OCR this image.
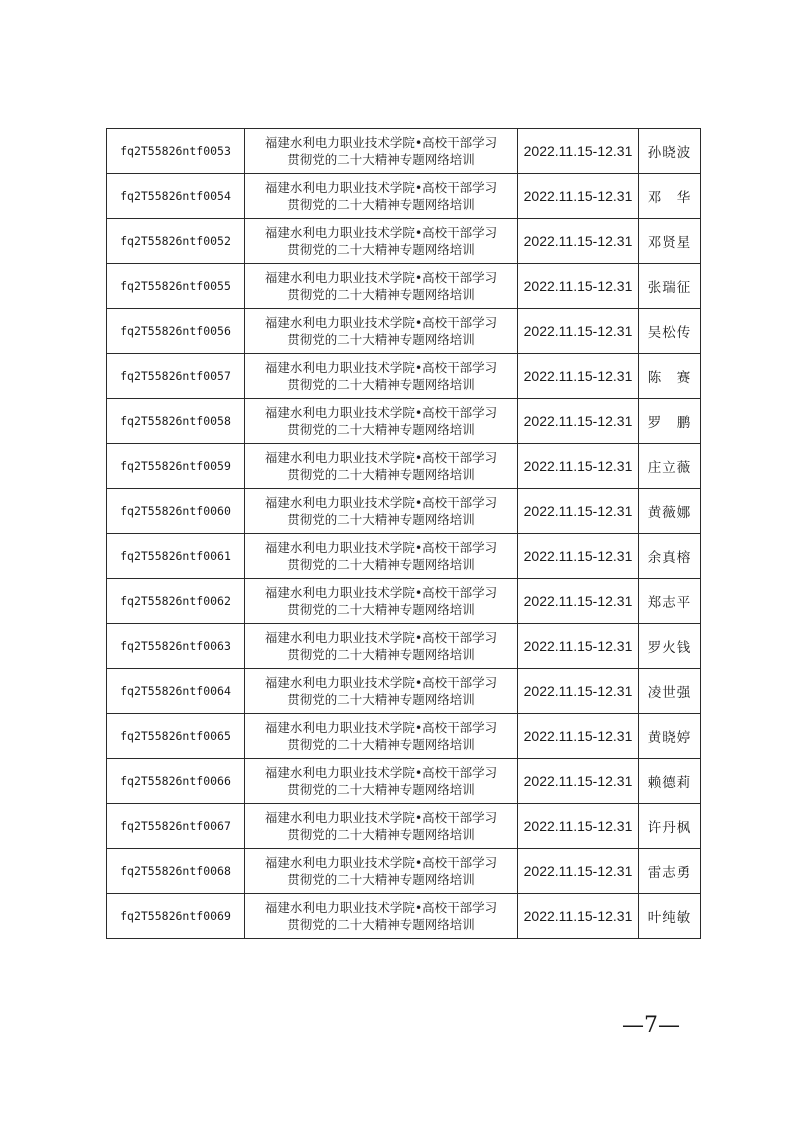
fq2T55826ntf0053	福建水利电力职业技术学院•高校干部学习
贯彻党的二十大精神专题网络培训	2022.11.15-12.31	孙晓波
fq2T55826ntf0054	福建水利电力职业技术学院•高校干部学习
贯彻党的二十大精神专题网络培训	2022.11.15-12.31	邓　华
fq2T55826ntf0052	福建水利电力职业技术学院•高校干部学习
贯彻党的二十大精神专题网络培训	2022.11.15-12.31	邓贤星
fq2T55826ntf0055	福建水利电力职业技术学院•高校干部学习
贯彻党的二十大精神专题网络培训	2022.11.15-12.31	张瑞征
fq2T55826ntf0056	福建水利电力职业技术学院•高校干部学习
贯彻党的二十大精神专题网络培训	2022.11.15-12.31	吴松传
fq2T55826ntf0057	福建水利电力职业技术学院•高校干部学习
贯彻党的二十大精神专题网络培训	2022.11.15-12.31	陈　赛
fq2T55826ntf0058	福建水利电力职业技术学院•高校干部学习
贯彻党的二十大精神专题网络培训	2022.11.15-12.31	罗　鹏
fq2T55826ntf0059	福建水利电力职业技术学院•高校干部学习
贯彻党的二十大精神专题网络培训	2022.11.15-12.31	庄立薇
fq2T55826ntf0060	福建水利电力职业技术学院•高校干部学习
贯彻党的二十大精神专题网络培训	2022.11.15-12.31	黄薇娜
fq2T55826ntf0061	福建水利电力职业技术学院•高校干部学习
贯彻党的二十大精神专题网络培训	2022.11.15-12.31	余真榕
fq2T55826ntf0062	福建水利电力职业技术学院•高校干部学习
贯彻党的二十大精神专题网络培训	2022.11.15-12.31	郑志平
fq2T55826ntf0063	福建水利电力职业技术学院•高校干部学习
贯彻党的二十大精神专题网络培训	2022.11.15-12.31	罗火钱
fq2T55826ntf0064	福建水利电力职业技术学院•高校干部学习
贯彻党的二十大精神专题网络培训	2022.11.15-12.31	凌世强
fq2T55826ntf0065	福建水利电力职业技术学院•高校干部学习
贯彻党的二十大精神专题网络培训	2022.11.15-12.31	黄晓婷
fq2T55826ntf0066	福建水利电力职业技术学院•高校干部学习
贯彻党的二十大精神专题网络培训	2022.11.15-12.31	赖德莉
fq2T55826ntf0067	福建水利电力职业技术学院•高校干部学习
贯彻党的二十大精神专题网络培训	2022.11.15-12.31	许丹枫
fq2T55826ntf0068	福建水利电力职业技术学院•高校干部学习
贯彻党的二十大精神专题网络培训	2022.11.15-12.31	雷志勇
fq2T55826ntf0069	福建水利电力职业技术学院•高校干部学习
贯彻党的二十大精神专题网络培训	2022.11.15-12.31	叶纯敏
—7—
